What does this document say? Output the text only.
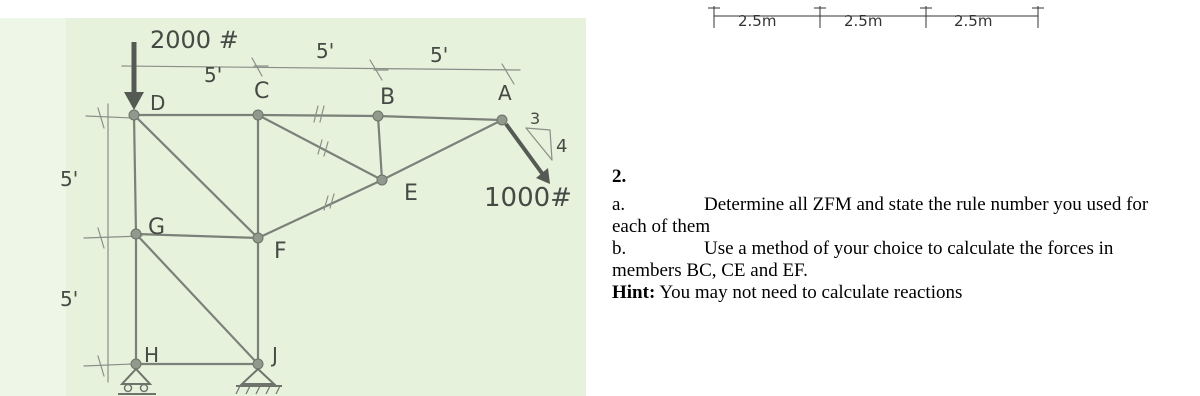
2000 #
5'
5'	5'
5'
5'
D	C	B	A
E
G
F
H	J
3
4
1000#
2.5m	2.5m	2.5m
2.
a.	Determine all ZFM and state the rule number you used for each of them
b.	Use a method of your choice to calculate the forces in members BC, CE and EF.
Hint: You may not need to calculate reactions
